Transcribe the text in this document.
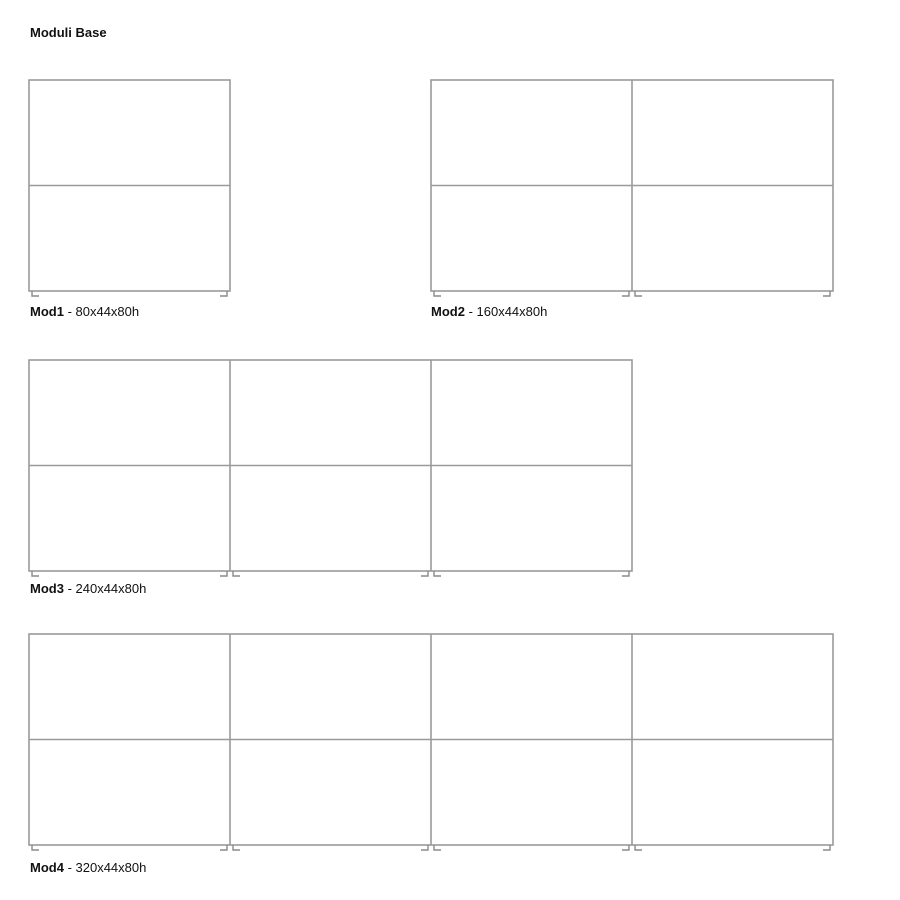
Moduli Base
Mod1 - 80x44x80h	Mod2 - 160x44x80h
Mod3 - 240x44x80h
Mod4 - 320x44x80h
